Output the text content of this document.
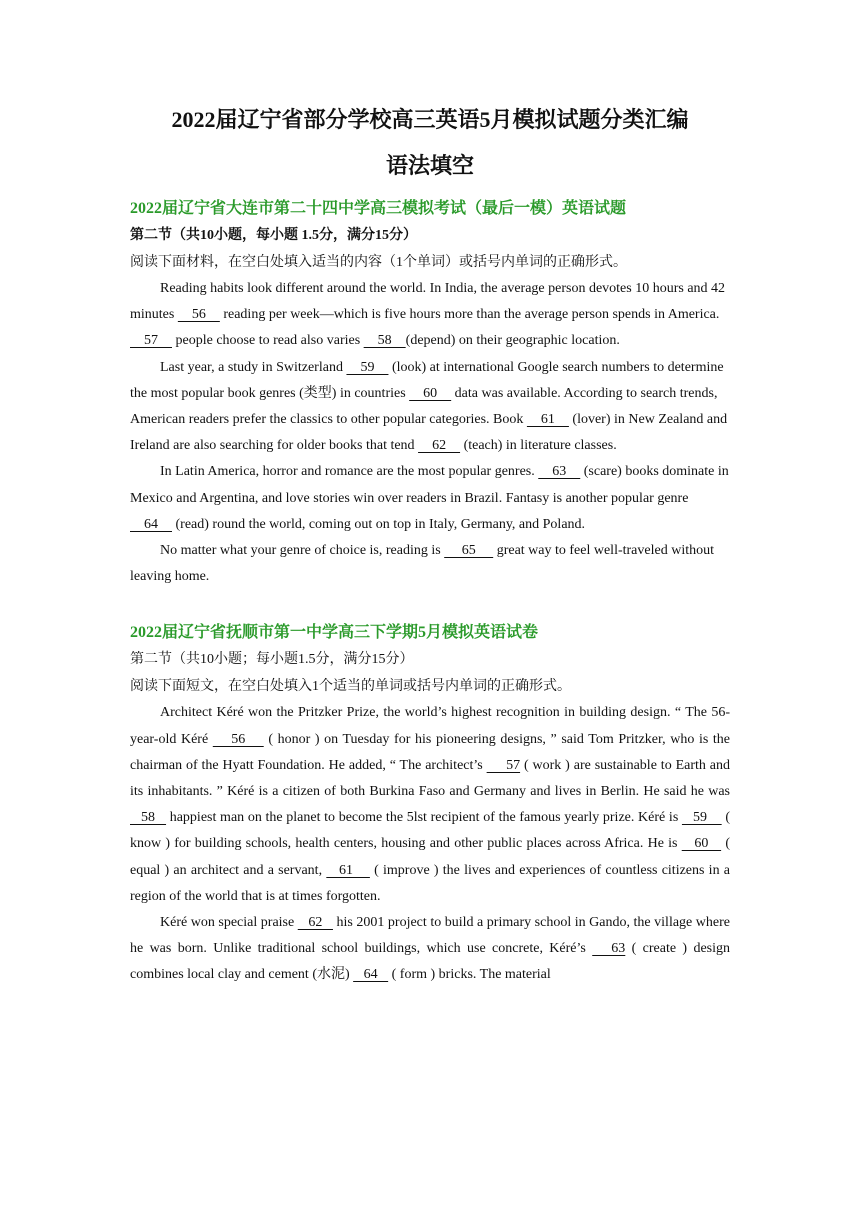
2022届辽宁省部分学校高三英语5月模拟试题分类汇编
语法填空
2022届辽宁省大连市第二十四中学高三模拟考试（最后一模）英语试题
第二节（共10小题，每小题 1.5分，满分15分）
阅读下面材料，在空白处填入适当的内容（1个单词）或括号内单词的正确形式。

Reading habits look different around the world. In India, the average person devotes 10 hours and 42 minutes     56     reading per week—which is five hours more than the average person spends in America.     57     people choose to read also varies     58    (depend) on their geographic location.

Last year, a study in Switzerland     59     (look) at international Google search numbers to determine the most popular book genres (类型) in countries     60     data was available. According to search trends, American readers prefer the classics to other popular categories. Book     61     (lover) in New Zealand and Ireland are also searching for older books that tend     62     (teach) in literature classes.

In Latin America, horror and romance are the most popular genres.     63     (scare) books dominate in Mexico and Argentina, and love stories win over readers in Brazil. Fantasy is another popular genre     64     (read) round the world, coming out on top in Italy, Germany, and Poland.

No matter what your genre of choice is, reading is      65      great way to feel well-traveled without leaving home.

2022届辽宁省抚顺市第一中学高三下学期5月模拟英语试卷
第二节（共10小题；每小题1.5分，满分15分）
阅读下面短文，在空白处填入1个适当的单词或括号内单词的正确形式。

Architect Kéré won the Pritzker Prize, the world’s highest recognition in building design. “ The 56-year-old Kéré     56     ( honor ) on Tuesday for his pioneering designs, ” said Tom Pritzker, who is the chairman of the Hyatt Foundation. He added, “ The architect’s      57 ( work ) are sustainable to Earth and its inhabitants. ” Kéré is a citizen of both Burkina Faso and Germany and lives in Berlin. He said he was    58    happiest man on the planet to become the 5lst recipient of the famous yearly prize. Kéré is    59     ( know ) for building schools, health centers, housing and other public places across Africa. He is    60    ( equal ) an architect and a servant,    61     ( improve ) the lives and experiences of countless citizens in a region of the world that is at times forgotten.

Kéré won special praise    62    his 2001 project to build a primary school in Gando, the village where he was born. Unlike traditional school buildings, which use concrete, Kéré’s    63 ( create ) design combines local clay and cement (水泥)    64    ( form ) bricks. The material
